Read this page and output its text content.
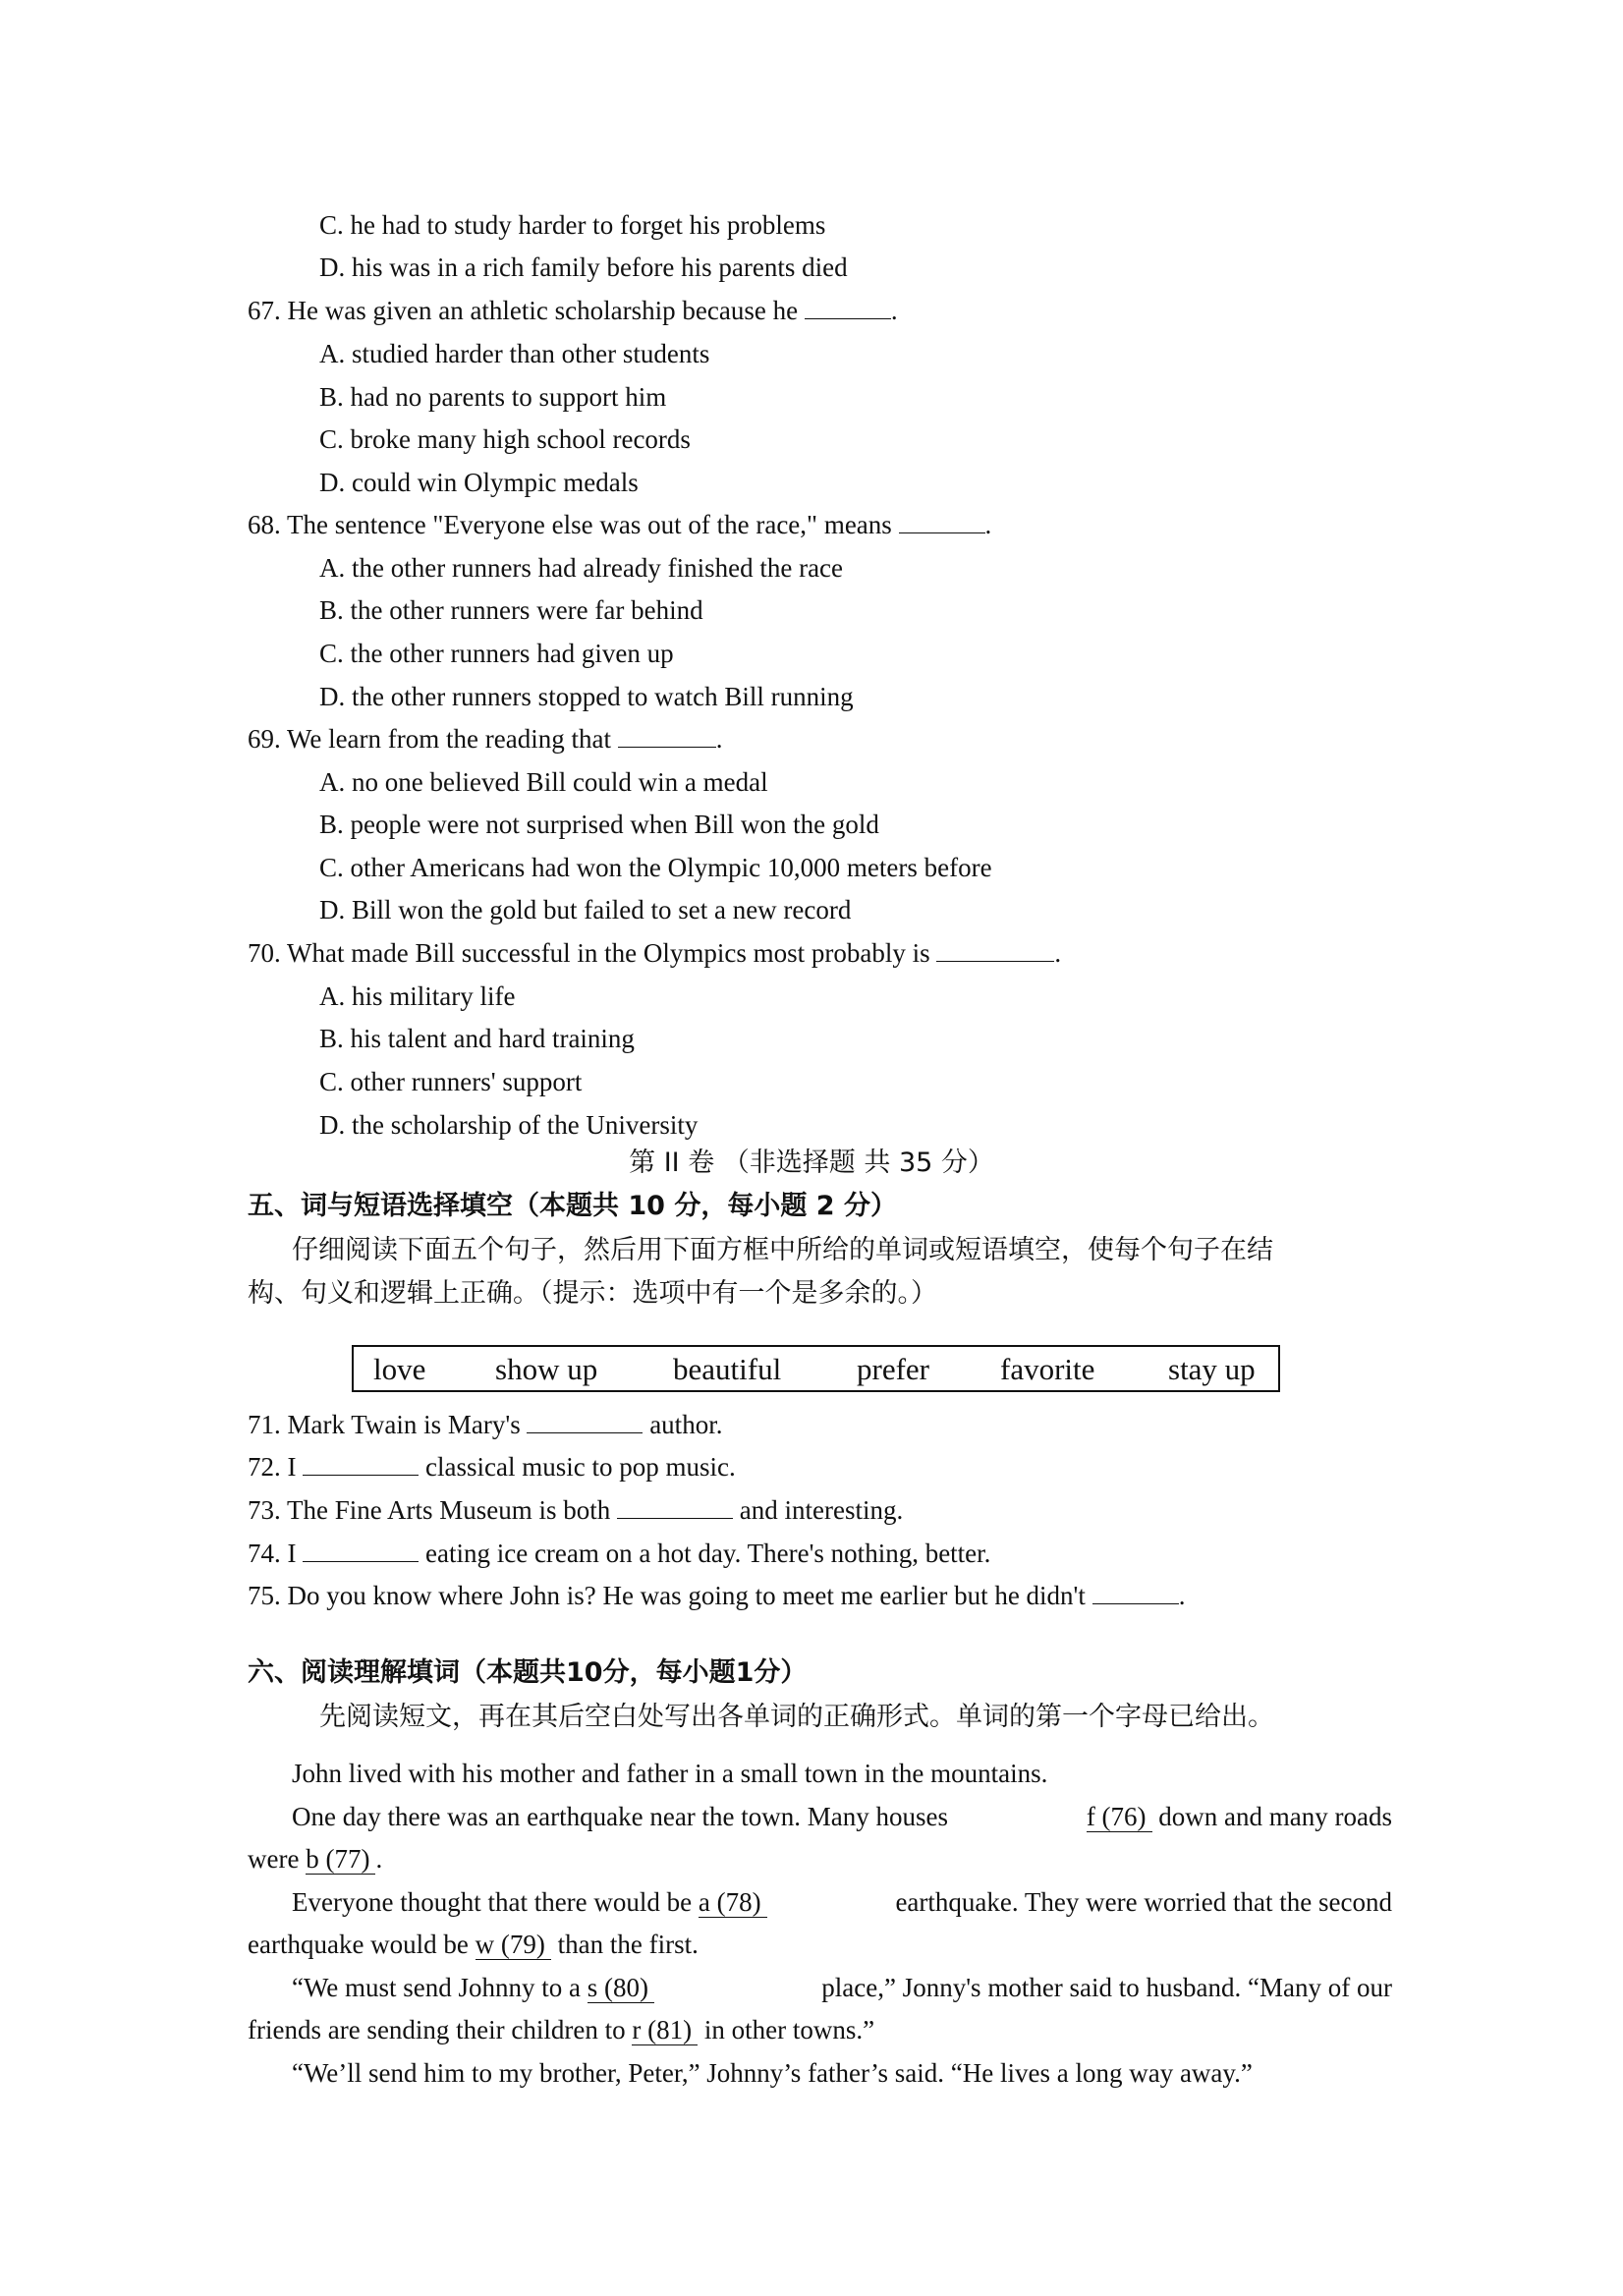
C. he had to study harder to forget his problems
D. his was in a rich family before his parents died
67. He was given an athletic scholarship because he	.
A. studied harder than other students
B. had no parents to support him
C. broke many high school records
D. could win Olympic medals
68. The sentence "Everyone else was out of the race," means	.
A. the other runners had already finished the race
B. the other runners were far behind
C. the other runners had given up
D. the other runners stopped to watch Bill running
69. We learn from the reading that	.
A. no one believed Bill could win a medal
B. people were not surprised when Bill won the gold
C. other Americans had won the Olympic 10,000 meters before
D. Bill won the gold but failed to set a new record
70. What made Bill successful in the Olympics most probably is	.
A. his military life
B. his talent and hard training
C. other runners' support
D. the scholarship of the University
第 II 卷 （非选择题 共 35 分）
五、词与短语选择填空（本题共 10 分，每小题 2 分）
仔细阅读下面五个句子，然后用下面方框中所给的单词或短语填空，使每个句子在结
构、句义和逻辑上正确。（提示：选项中有一个是多余的。）
love show up beautiful prefer favorite stay up
71. Mark Twain is Mary's	author.
72. I	classical music to pop music.
73. The Fine Arts Museum is both	and interesting.
74. I	eating ice cream on a hot day. There's nothing, better.
75. Do you know where John is? He was going to meet me earlier but he didn't	.
六、阅读理解填词（本题共10分，每小题1分）
先阅读短文，再在其后空白处写出各单词的正确形式。单词的第一个字母已给出。
John lived with his mother and father in a small town in the mountains.
One day there was an earthquake near the town. Many houses	f (76) down and many roads
were b (77) .
Everyone thought that there would be a (78)	earthquake. They were worried that the second
earthquake would be w (79) than the first.
“We must send Johnny to a s (80)	place,” Jonny's mother said to husband. “Many of our
friends are sending their children to r (81) in other towns.”
“We’ll send him to my brother, Peter,” Johnny’s father’s said. “He lives a long way away.”
